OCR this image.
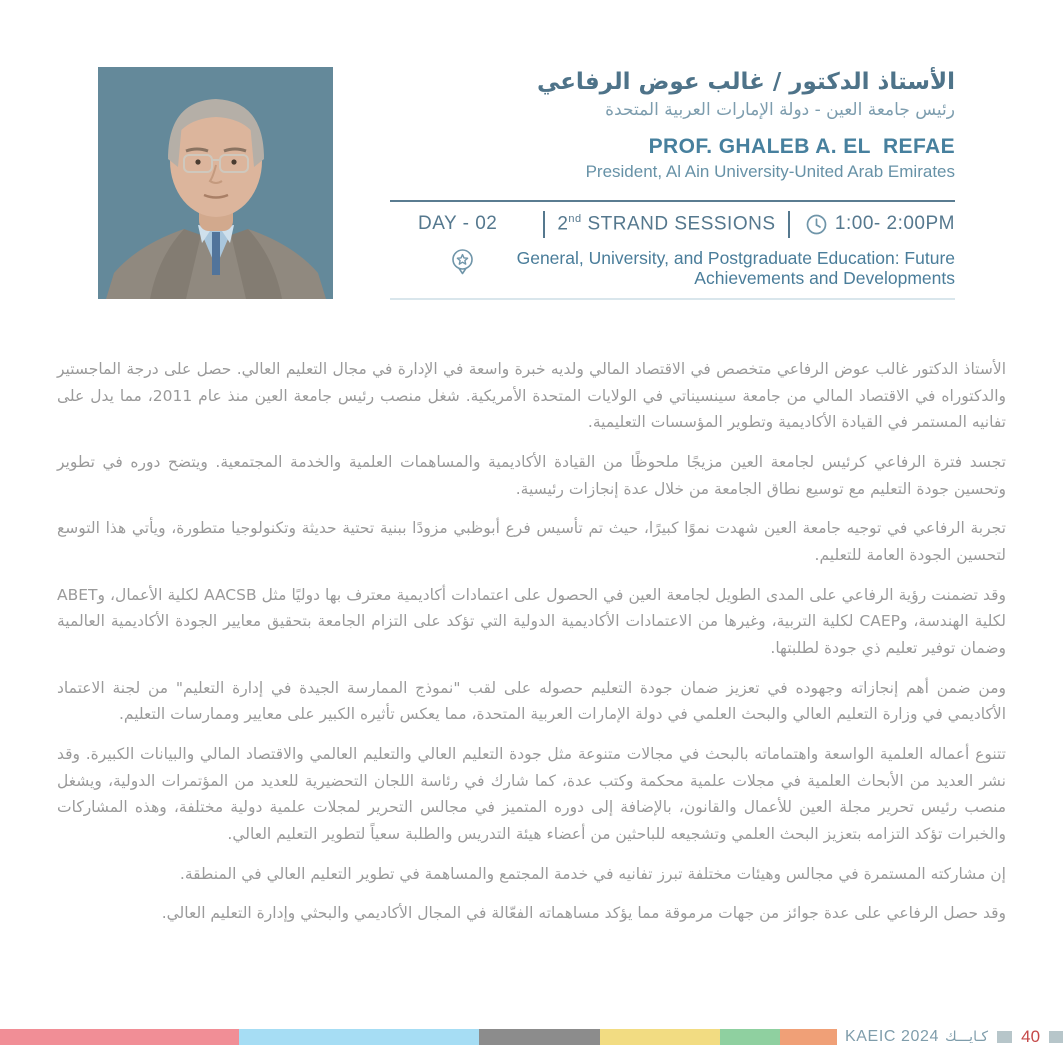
الأستاذ الدكتور / غالب عوض الرفاعي
رئيس جامعة العين - دولة الإمارات العربية المتحدة
PROF. GHALEB A. EL  REFAE
President, Al Ain University-United Arab Emirates
DAY - 02	2nd STRAND SESSIONS	1:00- 2:00PM
General, University, and Postgraduate Education: Future Achievements and Developments

الأستاذ الدكتور غالب عوض الرفاعي متخصص في الاقتصاد المالي ولديه خبرة واسعة في الإدارة في مجال التعليم العالي. حصل على درجة الماجستير والدكتوراه في الاقتصاد المالي من جامعة سينسيناتي في الولايات المتحدة الأمريكية. شغل منصب رئيس جامعة العين منذ عام 2011، مما يدل على تفانيه المستمر في القيادة الأكاديمية وتطوير المؤسسات التعليمية.

تجسد فترة الرفاعي كرئيس لجامعة العين مزيجًا ملحوظًا من القيادة الأكاديمية والمساهمات العلمية والخدمة المجتمعية. ويتضح دوره في تطوير وتحسين جودة التعليم مع توسيع نطاق الجامعة من خلال عدة إنجازات رئيسية.

تجربة الرفاعي في توجيه جامعة العين شهدت نموًا كبيرًا، حيث تم تأسيس فرع أبوظبي مزودًا ببنية تحتية حديثة وتكنولوجيا متطورة، ويأتي هذا التوسع لتحسين الجودة العامة للتعليم.

وقد تضمنت رؤية الرفاعي على المدى الطويل لجامعة العين في الحصول على اعتمادات أكاديمية معترف بها دوليًا مثل AACSB لكلية الأعمال، وABET لكلية الهندسة، وCAEP لكلية التربية، وغيرها من الاعتمادات الأكاديمية الدولية التي تؤكد على التزام الجامعة بتحقيق معايير الجودة الأكاديمية العالمية وضمان توفير تعليم ذي جودة لطلبتها.

ومن ضمن أهم إنجازاته وجهوده في تعزيز ضمان جودة التعليم حصوله على لقب "نموذج الممارسة الجيدة في إدارة التعليم" من لجنة الاعتماد الأكاديمي في وزارة التعليم العالي والبحث العلمي في دولة الإمارات العربية المتحدة، مما يعكس تأثيره الكبير على معايير وممارسات التعليم.

تتنوع أعماله العلمية الواسعة واهتماماته بالبحث في مجالات متنوعة مثل جودة التعليم العالي والتعليم العالمي والاقتصاد المالي والبيانات الكبيرة. وقد نشر العديد من الأبحاث العلمية في مجلات علمية محكمة وكتب عدة، كما شارك في رئاسة اللجان التحضيرية للعديد من المؤتمرات الدولية، ويشغل منصب رئيس تحرير مجلة العين للأعمال والقانون، بالإضافة إلى دوره المتميز في مجالس التحرير لمجلات علمية دولية مختلفة، وهذه المشاركات والخبرات تؤكد التزامه بتعزيز البحث العلمي وتشجيعه للباحثين من أعضاء هيئة التدريس والطلبة سعياً لتطوير التعليم العالي.

إن مشاركته المستمرة في مجالس وهيئات مختلفة تبرز تفانيه في خدمة المجتمع والمساهمة في تطوير التعليم العالي في المنطقة.

وقد حصل الرفاعي على عدة جوائز من جهات مرموقة مما يؤكد مساهماته الفعّالة في المجال الأكاديمي والبحثي وإدارة التعليم العالي.

KAEIC 2024 كـايـــك 40
